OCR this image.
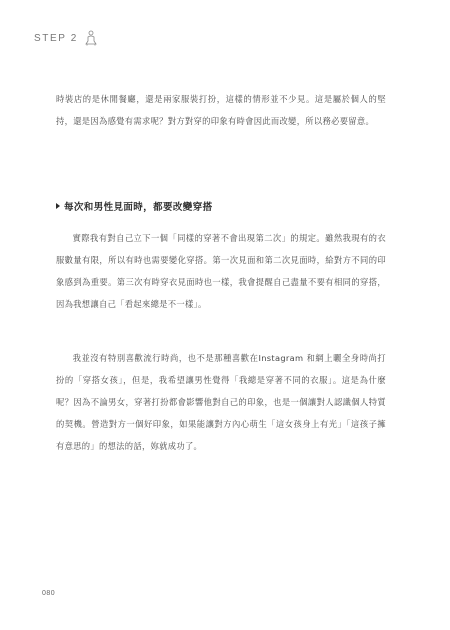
STEP 2

時裝店的是休閒餐廳，還是兩家服裝打扮，這樣的情形並不少見。這是屬於個人的堅持，還是因為感覺有需求呢？對方對穿的印象有時會因此而改變，所以務必要留意。

實際我有對自己立下一個「同樣的穿著不會出現第二次」的規定。雖然我現有的衣服數量有限，所以有時也需要變化穿搭。第一次見面和第二次見面時，給對方不同的印象感到為重要。第三次有時穿衣見面時也一樣，我會提醒自己盡量不要有相同的穿搭，因為我想讓自己「看起來總是不一樣」。

我並沒有特別喜歡流行時尚，也不是那種喜歡在Instagram 和網上曬全身時尚打扮的「穿搭女孩」，但是，我希望讓男性覺得「我總是穿著不同的衣服」。這是為什麼呢？因為不論男女，穿著打扮都會影響他對自己的印象，也是一個讓對人認識個人特質的契機。營造對方一個好印象，如果能讓對方內心萌生「這女孩身上有光」「這孩子擁有意思的」的想法的話，妳就成功了。

每次和男性見面時，都要改變穿搭
080
